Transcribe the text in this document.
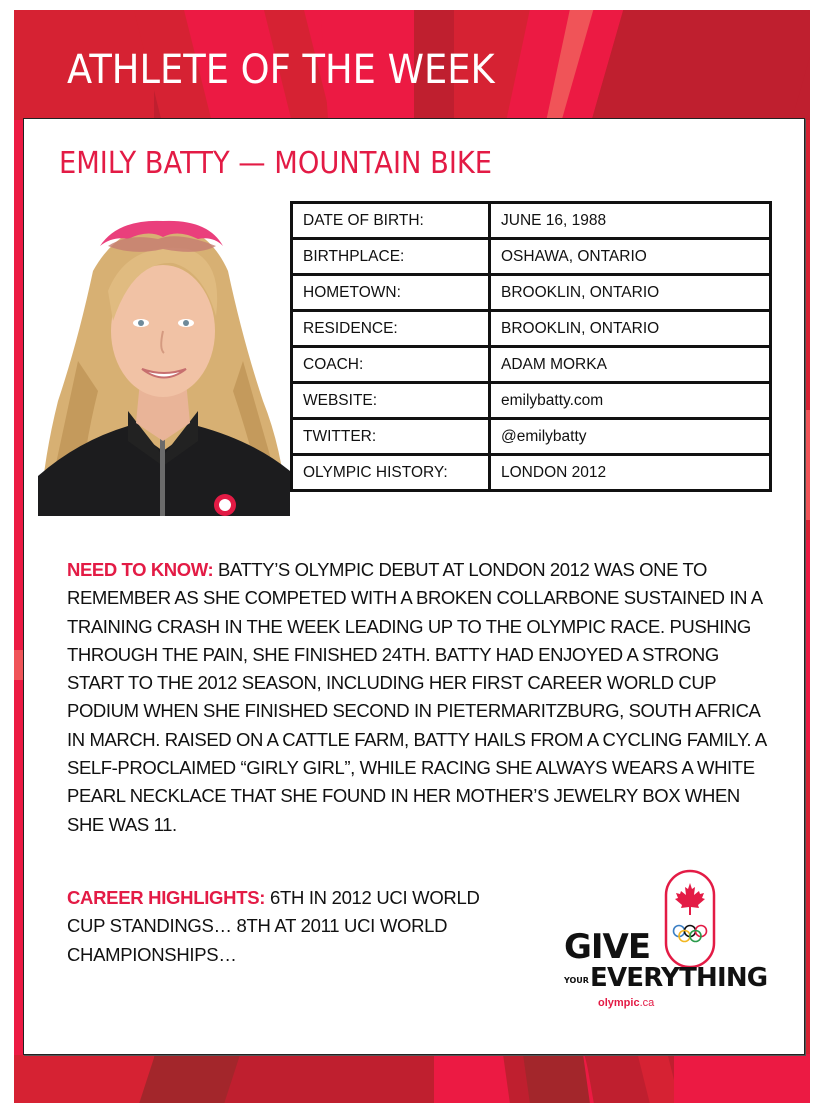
ATHLETE OF THE WEEK
EMILY BATTY — MOUNTAIN BIKE
DATE OF BIRTH:	JUNE 16, 1988
BIRTHPLACE:	OSHAWA, ONTARIO
HOMETOWN:	BROOKLIN, ONTARIO
RESIDENCE:	BROOKLIN, ONTARIO
COACH:	ADAM MORKA
WEBSITE:	emilybatty.com
TWITTER:	@emilybatty
OLYMPIC HISTORY:	LONDON 2012
NEED TO KNOW: BATTY’S OLYMPIC DEBUT AT LONDON 2012 WAS ONE TO REMEMBER AS SHE COMPETED WITH A BROKEN COLLARBONE SUSTAINED IN A TRAINING CRASH IN THE WEEK LEADING UP TO THE OLYMPIC RACE. PUSHING THROUGH THE PAIN, SHE FINISHED 24TH. BATTY HAD ENJOYED A STRONG START TO THE 2012 SEASON, INCLUDING HER FIRST CAREER WORLD CUP PODIUM WHEN SHE FINISHED SECOND IN PIETERMARITZBURG, SOUTH AFRICA IN MARCH. RAISED ON A CATTLE FARM, BATTY HAILS FROM A CYCLING FAMILY. A SELF-PROCLAIMED “GIRLY GIRL”, WHILE RACING SHE ALWAYS WEARS A WHITE PEARL NECKLACE THAT SHE FOUND IN HER MOTHER’S JEWELRY BOX WHEN SHE WAS 11.
CAREER HIGHLIGHTS: 6TH IN 2012 UCI WORLD CUP STANDINGS… 8TH AT 2011 UCI WORLD CHAMPIONSHIPS…	GIVE
YOUR EVERYTHING
olympic.ca
